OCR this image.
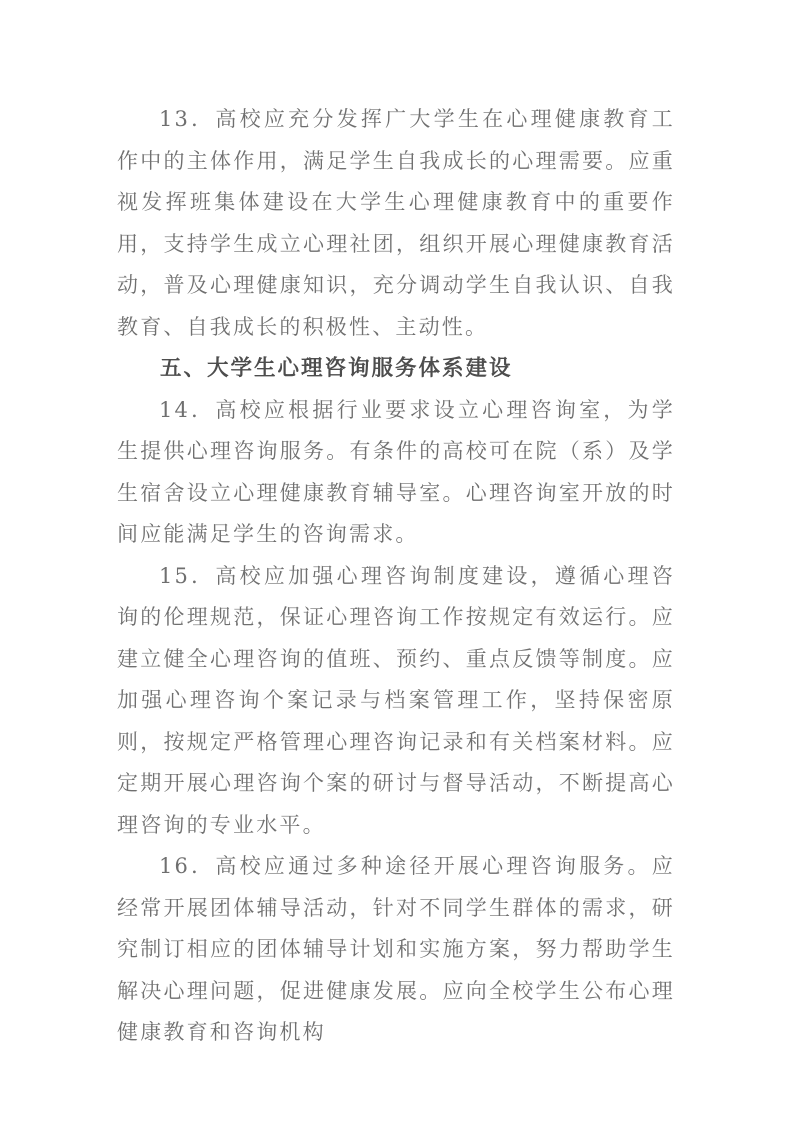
13．高校应充分发挥广大学生在心理健康教育工作中的主体作用，满足学生自我成长的心理需要。应重视发挥班集体建设在大学生心理健康教育中的重要作用，支持学生成立心理社团，组织开展心理健康教育活动，普及心理健康知识，充分调动学生自我认识、自我教育、自我成长的积极性、主动性。

五、大学生心理咨询服务体系建设

14．高校应根据行业要求设立心理咨询室，为学生提供心理咨询服务。有条件的高校可在院（系）及学生宿舍设立心理健康教育辅导室。心理咨询室开放的时间应能满足学生的咨询需求。

15．高校应加强心理咨询制度建设，遵循心理咨询的伦理规范，保证心理咨询工作按规定有效运行。应建立健全心理咨询的值班、预约、重点反馈等制度。应加强心理咨询个案记录与档案管理工作，坚持保密原则，按规定严格管理心理咨询记录和有关档案材料。应定期开展心理咨询个案的研讨与督导活动，不断提高心理咨询的专业水平。

16．高校应通过多种途径开展心理咨询服务。应经常开展团体辅导活动，针对不同学生群体的需求，研究制订相应的团体辅导计划和实施方案，努力帮助学生解决心理问题，促进健康发展。应向全校学生公布心理健康教育和咨询机构
